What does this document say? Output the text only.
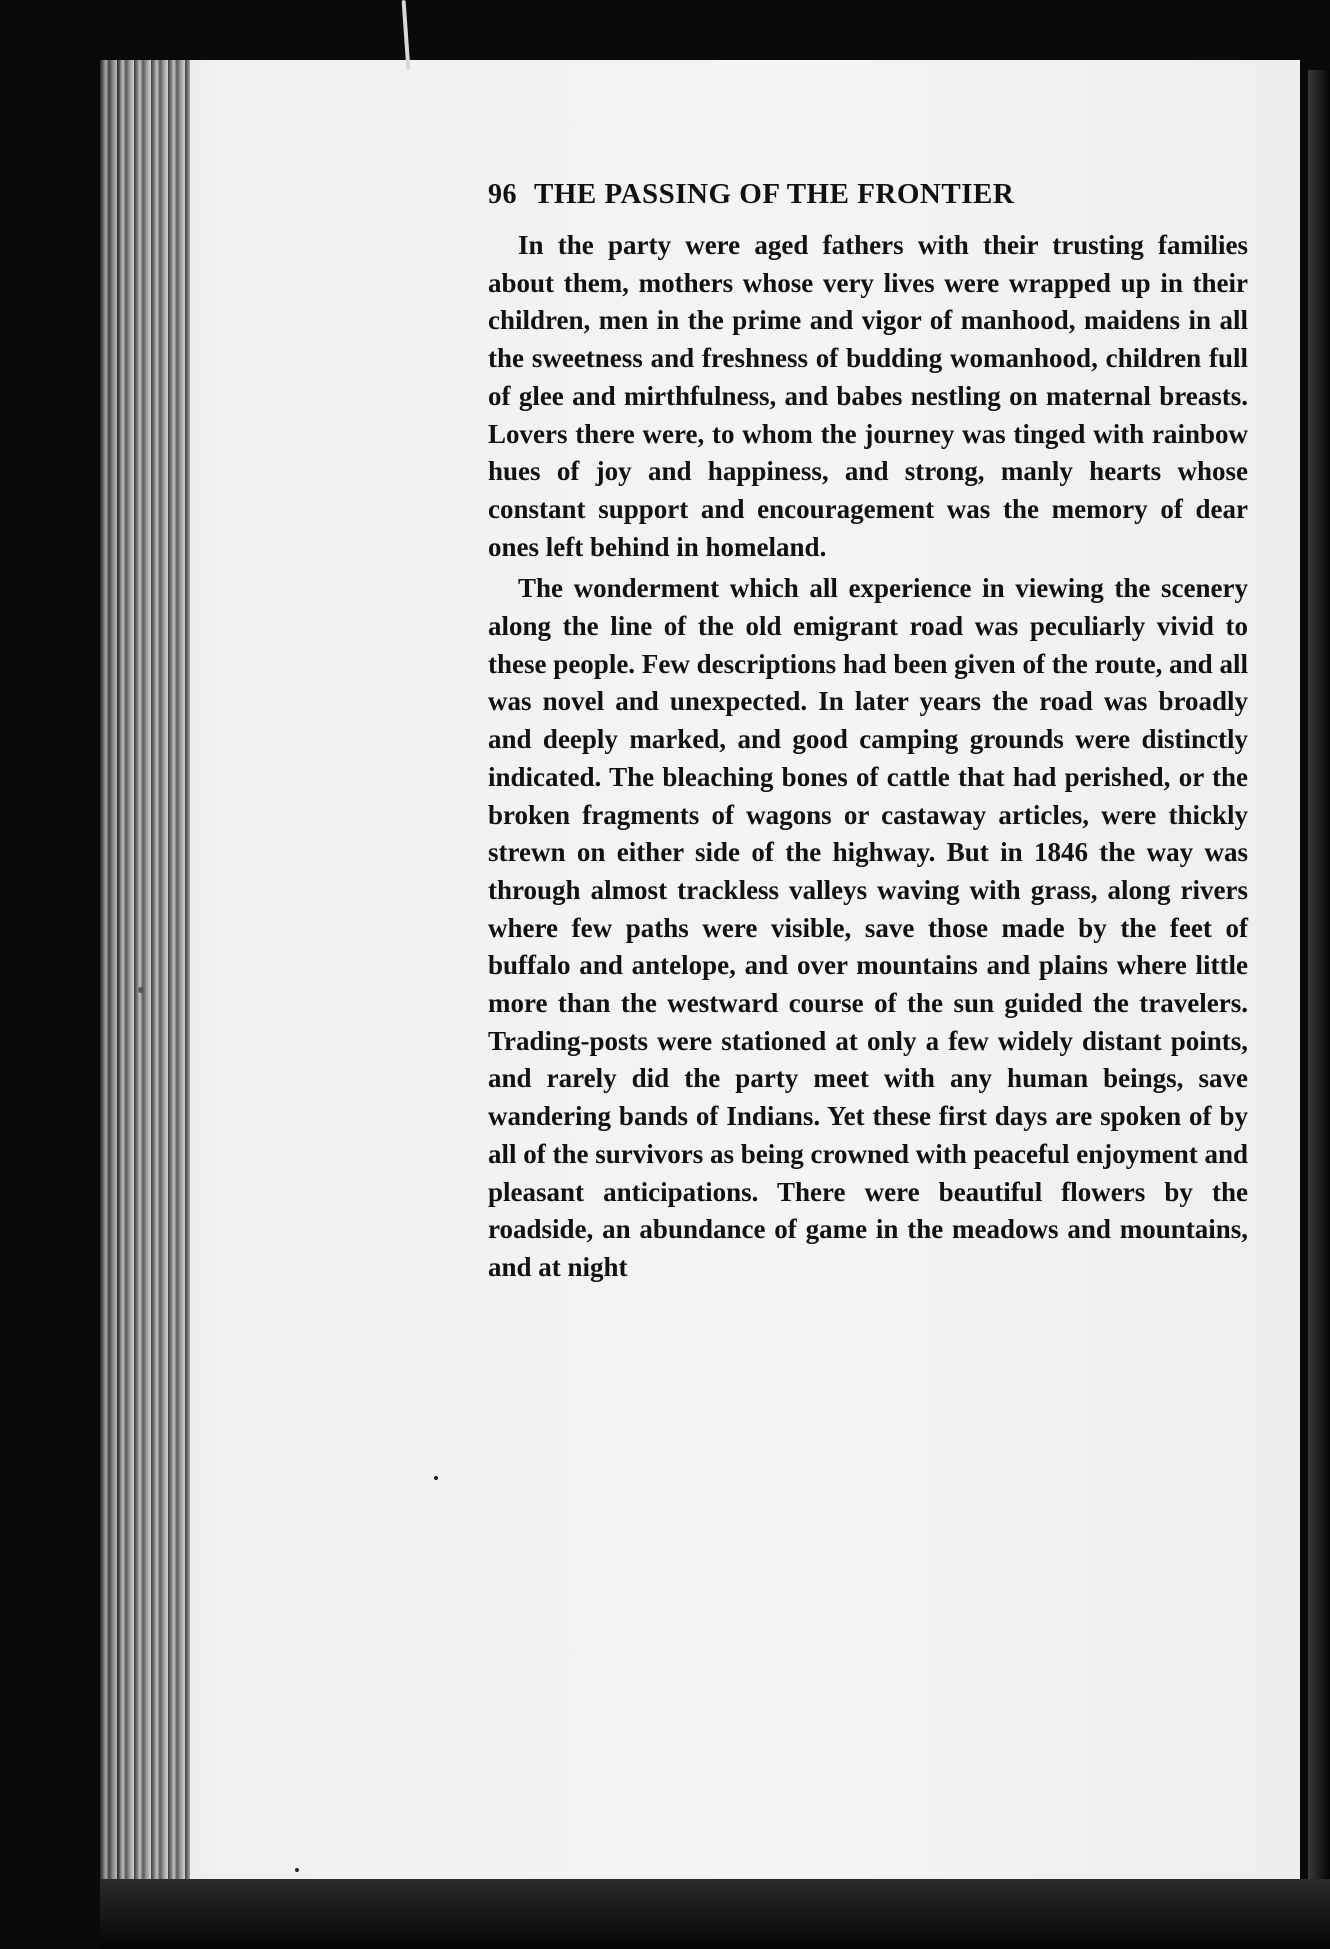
96 THE PASSING OF THE FRONTIER

In the party were aged fathers with their trusting families about them, mothers whose very lives were wrapped up in their children, men in the prime and vigor of manhood, maidens in all the sweetness and freshness of budding womanhood, children full of glee and mirthfulness, and babes nestling on maternal breasts. Lovers there were, to whom the journey was tinged with rainbow hues of joy and happiness, and strong, manly hearts whose constant support and encouragement was the memory of dear ones left behind in homeland.

The wonderment which all experience in viewing the scenery along the line of the old emigrant road was peculiarly vivid to these people. Few descriptions had been given of the route, and all was novel and unexpected. In later years the road was broadly and deeply marked, and good camping grounds were distinctly indicated. The bleaching bones of cattle that had perished, or the broken fragments of wagons or castaway articles, were thickly strewn on either side of the highway. But in 1846 the way was through almost trackless valleys waving with grass, along rivers where few paths were visible, save those made by the feet of buffalo and antelope, and over mountains and plains where little more than the westward course of the sun guided the travelers. Trading-posts were stationed at only a few widely distant points, and rarely did the party meet with any human beings, save wandering bands of Indians. Yet these first days are spoken of by all of the survivors as being crowned with peaceful enjoyment and pleasant anticipations. There were beautiful flowers by the roadside, an abundance of game in the meadows and mountains, and at night
